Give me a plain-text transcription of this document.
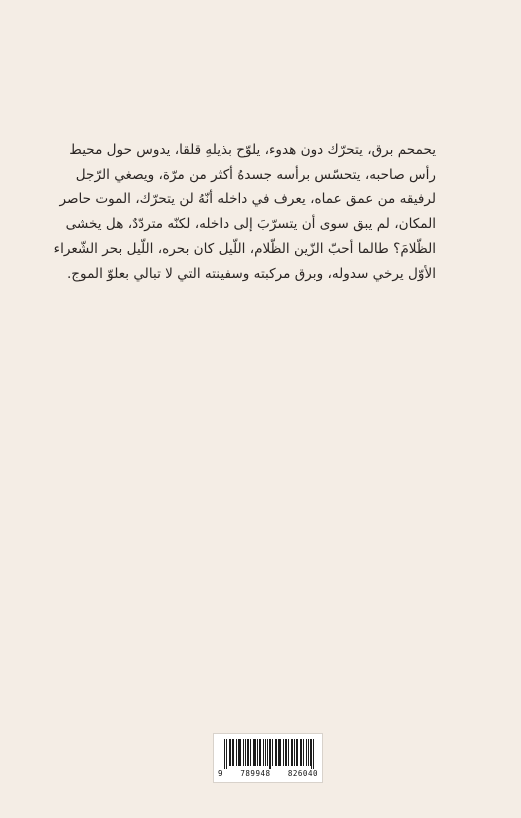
يحمحم برق، يتحرّك دون هدوء، يلوّح بذيلهِ قلقا، يدوس حول محيط
رأس صاحبه، يتحسّس برأسه جسدهُ أكثر من مرّة، ويصغي الرّجل
لرفيقه من عمق عماه، يعرف في داخله أنّهُ لن يتحرّك، الموت حاصر
المكان، لم يبق سوى أن يتسرّبَ إلى داخله، لكنّه متردّدٌ، هل يخشى
الظّلامَ؟ طالما أحبّ الزّين الظّلام، اللّيل كان بحره، اللّيل بحر الشّعراء
الأوّل يرخي سدوله، وبرق مركبته وسفينته التي لا تبالي بعلوّ الموج.
9 789948 826040
